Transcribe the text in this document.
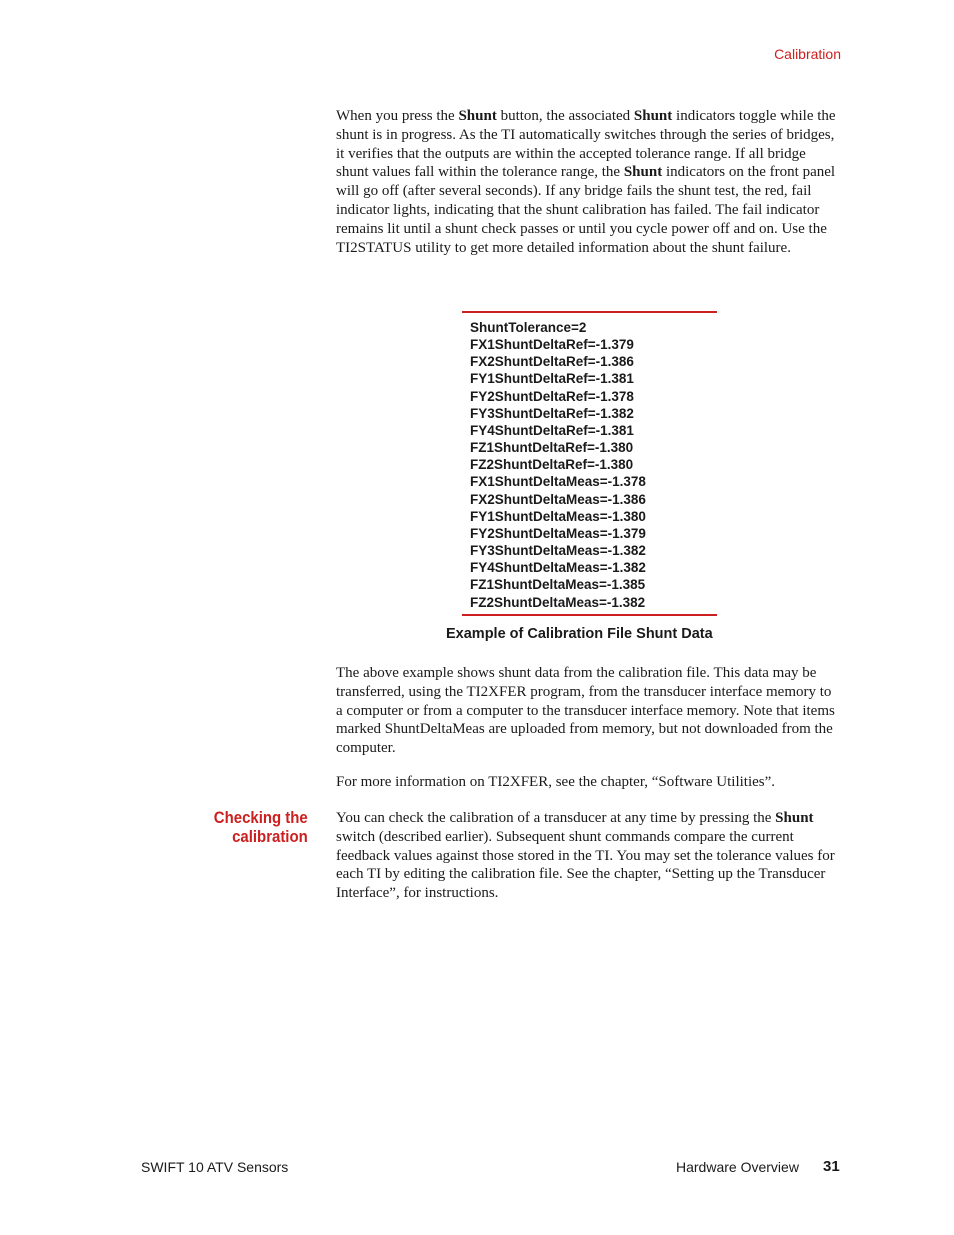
Calibration

When you press the Shunt button, the associated Shunt indicators toggle while the shunt is in progress. As the TI automatically switches through the series of bridges, it verifies that the outputs are within the accepted tolerance range. If all bridge shunt values fall within the tolerance range, the Shunt indicators on the front panel will go off (after several seconds). If any bridge fails the shunt test, the red, fail indicator lights, indicating that the shunt calibration has failed. The fail indicator remains lit until a shunt check passes or until you cycle power off and on. Use the TI2STATUS utility to get more detailed information about the shunt failure.

ShuntTolerance=2
FX1ShuntDeltaRef=-1.379
FX2ShuntDeltaRef=-1.386
FY1ShuntDeltaRef=-1.381
FY2ShuntDeltaRef=-1.378
FY3ShuntDeltaRef=-1.382
FY4ShuntDeltaRef=-1.381
FZ1ShuntDeltaRef=-1.380
FZ2ShuntDeltaRef=-1.380
FX1ShuntDeltaMeas=-1.378
FX2ShuntDeltaMeas=-1.386
FY1ShuntDeltaMeas=-1.380
FY2ShuntDeltaMeas=-1.379
FY3ShuntDeltaMeas=-1.382
FY4ShuntDeltaMeas=-1.382
FZ1ShuntDeltaMeas=-1.385
FZ2ShuntDeltaMeas=-1.382
Example of Calibration File Shunt Data

The above example shows shunt data from the calibration file. This data may be transferred, using the TI2XFER program, from the transducer interface memory to a computer or from a computer to the transducer interface memory. Note that items marked ShuntDeltaMeas are uploaded from memory, but not downloaded from the computer.

For more information on TI2XFER, see the chapter, “Software Utilities”.

Checking the
calibration

You can check the calibration of a transducer at any time by pressing the Shunt switch (described earlier). Subsequent shunt commands compare the current feedback values against those stored in the TI. You may set the tolerance values for each TI by editing the calibration file. See the chapter, “Setting up the Transducer Interface”, for instructions.

SWIFT 10 ATV Sensors	Hardware Overview 31
